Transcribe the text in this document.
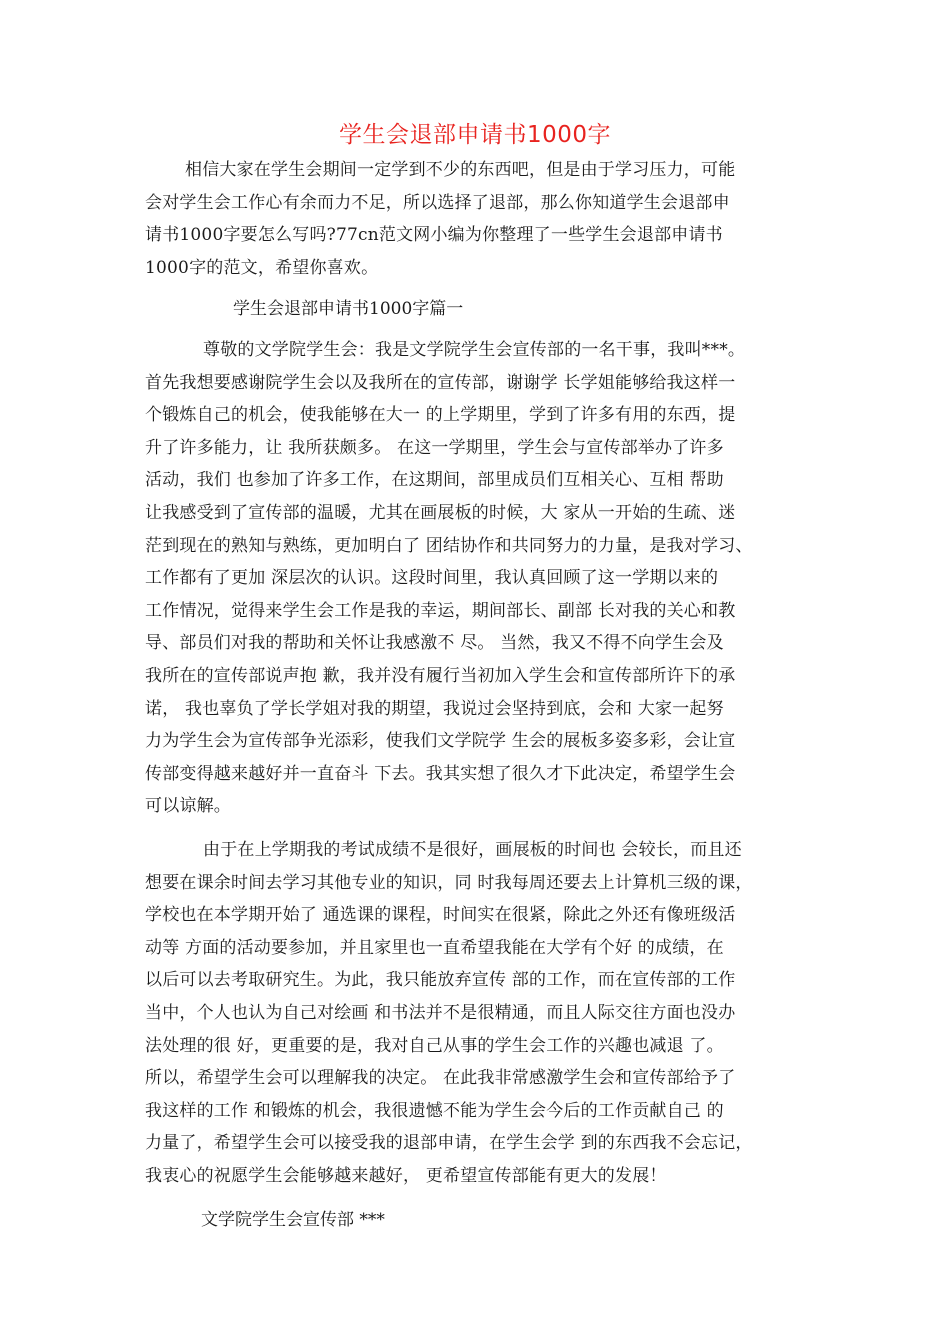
学生会退部申请书1000字
相信大家在学生会期间一定学到不少的东西吧，但是由于学习压力，可能
会对学生会工作心有余而力不足，所以选择了退部，那么你知道学生会退部申
请书1000字要怎么写吗?77cn范文网小编为你整理了一些学生会退部申请书
1000字的范文，希望你喜欢。
学生会退部申请书1000字篇一
尊敬的文学院学生会：我是文学院学生会宣传部的一名干事，我叫***。
首先我想要感谢院学生会以及我所在的宣传部，谢谢学 长学姐能够给我这样一
个锻炼自己的机会，使我能够在大一 的上学期里，学到了许多有用的东西，提
升了许多能力，让 我所获颇多。 在这一学期里，学生会与宣传部举办了许多
活动，我们 也参加了许多工作，在这期间，部里成员们互相关心、互相 帮助
让我感受到了宣传部的温暖，尤其在画展板的时候，大 家从一开始的生疏、迷
茫到现在的熟知与熟练，更加明白了 团结协作和共同努力的力量，是我对学习、
工作都有了更加 深层次的认识。这段时间里，我认真回顾了这一学期以来的
工作情况，觉得来学生会工作是我的幸运，期间部长、副部 长对我的关心和教
导、部员们对我的帮助和关怀让我感激不 尽。 当然，我又不得不向学生会及
我所在的宣传部说声抱 歉，我并没有履行当初加入学生会和宣传部所许下的承
诺， 我也辜负了学长学姐对我的期望，我说过会坚持到底，会和 大家一起努
力为学生会为宣传部争光添彩，使我们文学院学 生会的展板多姿多彩，会让宣
传部变得越来越好并一直奋斗 下去。我其实想了很久才下此决定，希望学生会
可以谅解。
由于在上学期我的考试成绩不是很好，画展板的时间也 会较长，而且还
想要在课余时间去学习其他专业的知识，同 时我每周还要去上计算机三级的课，
学校也在本学期开始了 通选课的课程，时间实在很紧，除此之外还有像班级活
动等 方面的活动要参加，并且家里也一直希望我能在大学有个好 的成绩，在
以后可以去考取研究生。为此，我只能放弃宣传 部的工作，而在宣传部的工作
当中，个人也认为自己对绘画 和书法并不是很精通，而且人际交往方面也没办
法处理的很 好，更重要的是，我对自己从事的学生会工作的兴趣也减退 了。
所以，希望学生会可以理解我的决定。 在此我非常感激学生会和宣传部给予了
我这样的工作 和锻炼的机会，我很遗憾不能为学生会今后的工作贡献自己 的
力量了，希望学生会可以接受我的退部申请，在学生会学 到的东西我不会忘记，
我衷心的祝愿学生会能够越来越好， 更希望宣传部能有更大的发展！
文学院学生会宣传部 ***
